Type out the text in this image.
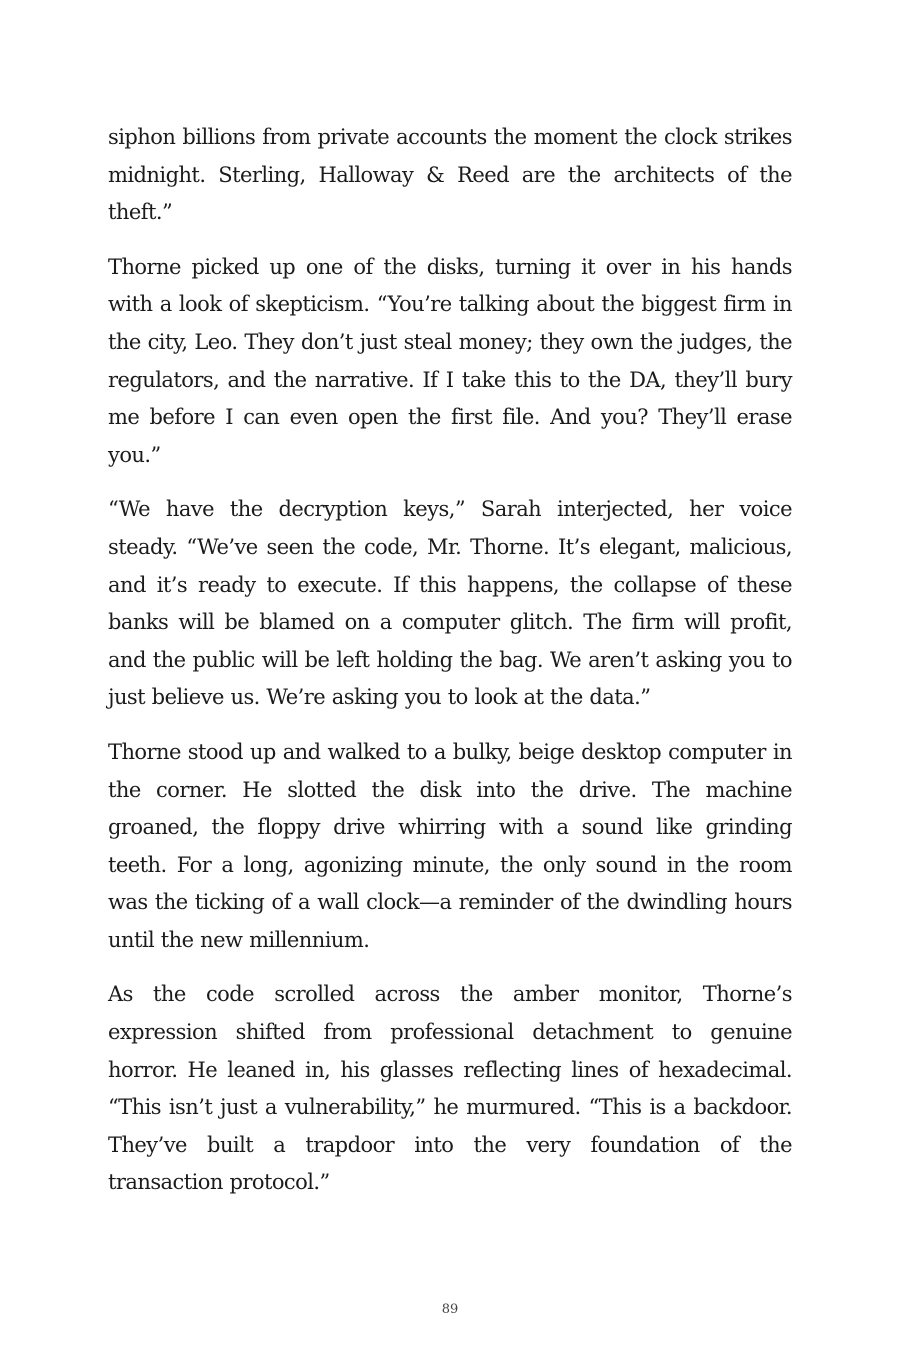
siphon billions from private accounts the moment the clock strikes midnight. Sterling, Halloway & Reed are the architects of the theft.”

Thorne picked up one of the disks, turning it over in his hands with a look of skepticism. “You’re talking about the biggest firm in the city, Leo. They don’t just steal money; they own the judges, the regulators, and the narrative. If I take this to the DA, they’ll bury me before I can even open the first file. And you? They’ll erase you.”

“We have the decryption keys,” Sarah interjected, her voice steady. “We’ve seen the code, Mr. Thorne. It’s elegant, malicious, and it’s ready to execute. If this happens, the collapse of these banks will be blamed on a computer glitch. The firm will profit, and the public will be left holding the bag. We aren’t asking you to just believe us. We’re asking you to look at the data.”

Thorne stood up and walked to a bulky, beige desktop computer in the corner. He slotted the disk into the drive. The machine groaned, the floppy drive whirring with a sound like grinding teeth. For a long, agonizing minute, the only sound in the room was the ticking of a wall clock—a reminder of the dwindling hours until the new millennium.

As the code scrolled across the amber monitor, Thorne’s expression shifted from professional detachment to genuine horror. He leaned in, his glasses reflecting lines of hexadecimal. “This isn’t just a vulnerability,” he murmured. “This is a backdoor. They’ve built a trapdoor into the very foundation of the transaction protocol.”

89
